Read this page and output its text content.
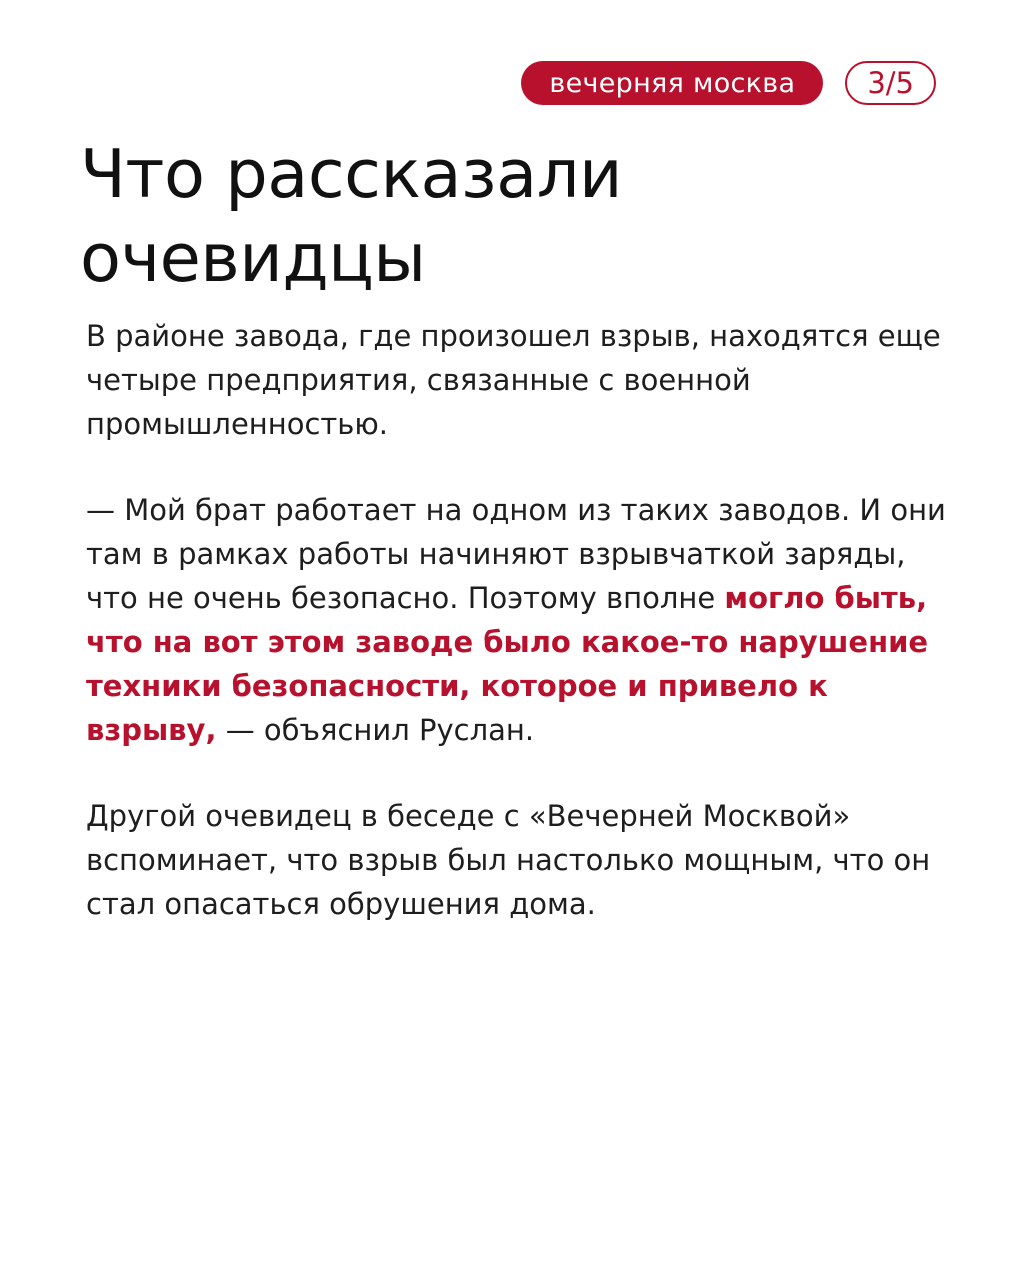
вечерняя москва	3/5
Что рассказали
очевидцы

В районе завода, где произошел взрыв, находятся еще четыре предприятия, связанные с военной промышленностью.

— Мой брат работает на одном из таких заводов. И они там в рамках работы начиняют взрывчаткой заряды, что не очень безопасно. Поэтому вполне могло быть, что на вот этом заводе было какое-то нарушение техники безопасности, которое и привело к взрыву, — объяснил Руслан.

Другой очевидец в беседе с «Вечерней Москвой» вспоминает, что взрыв был настолько мощным, что он стал опасаться обрушения дома.
